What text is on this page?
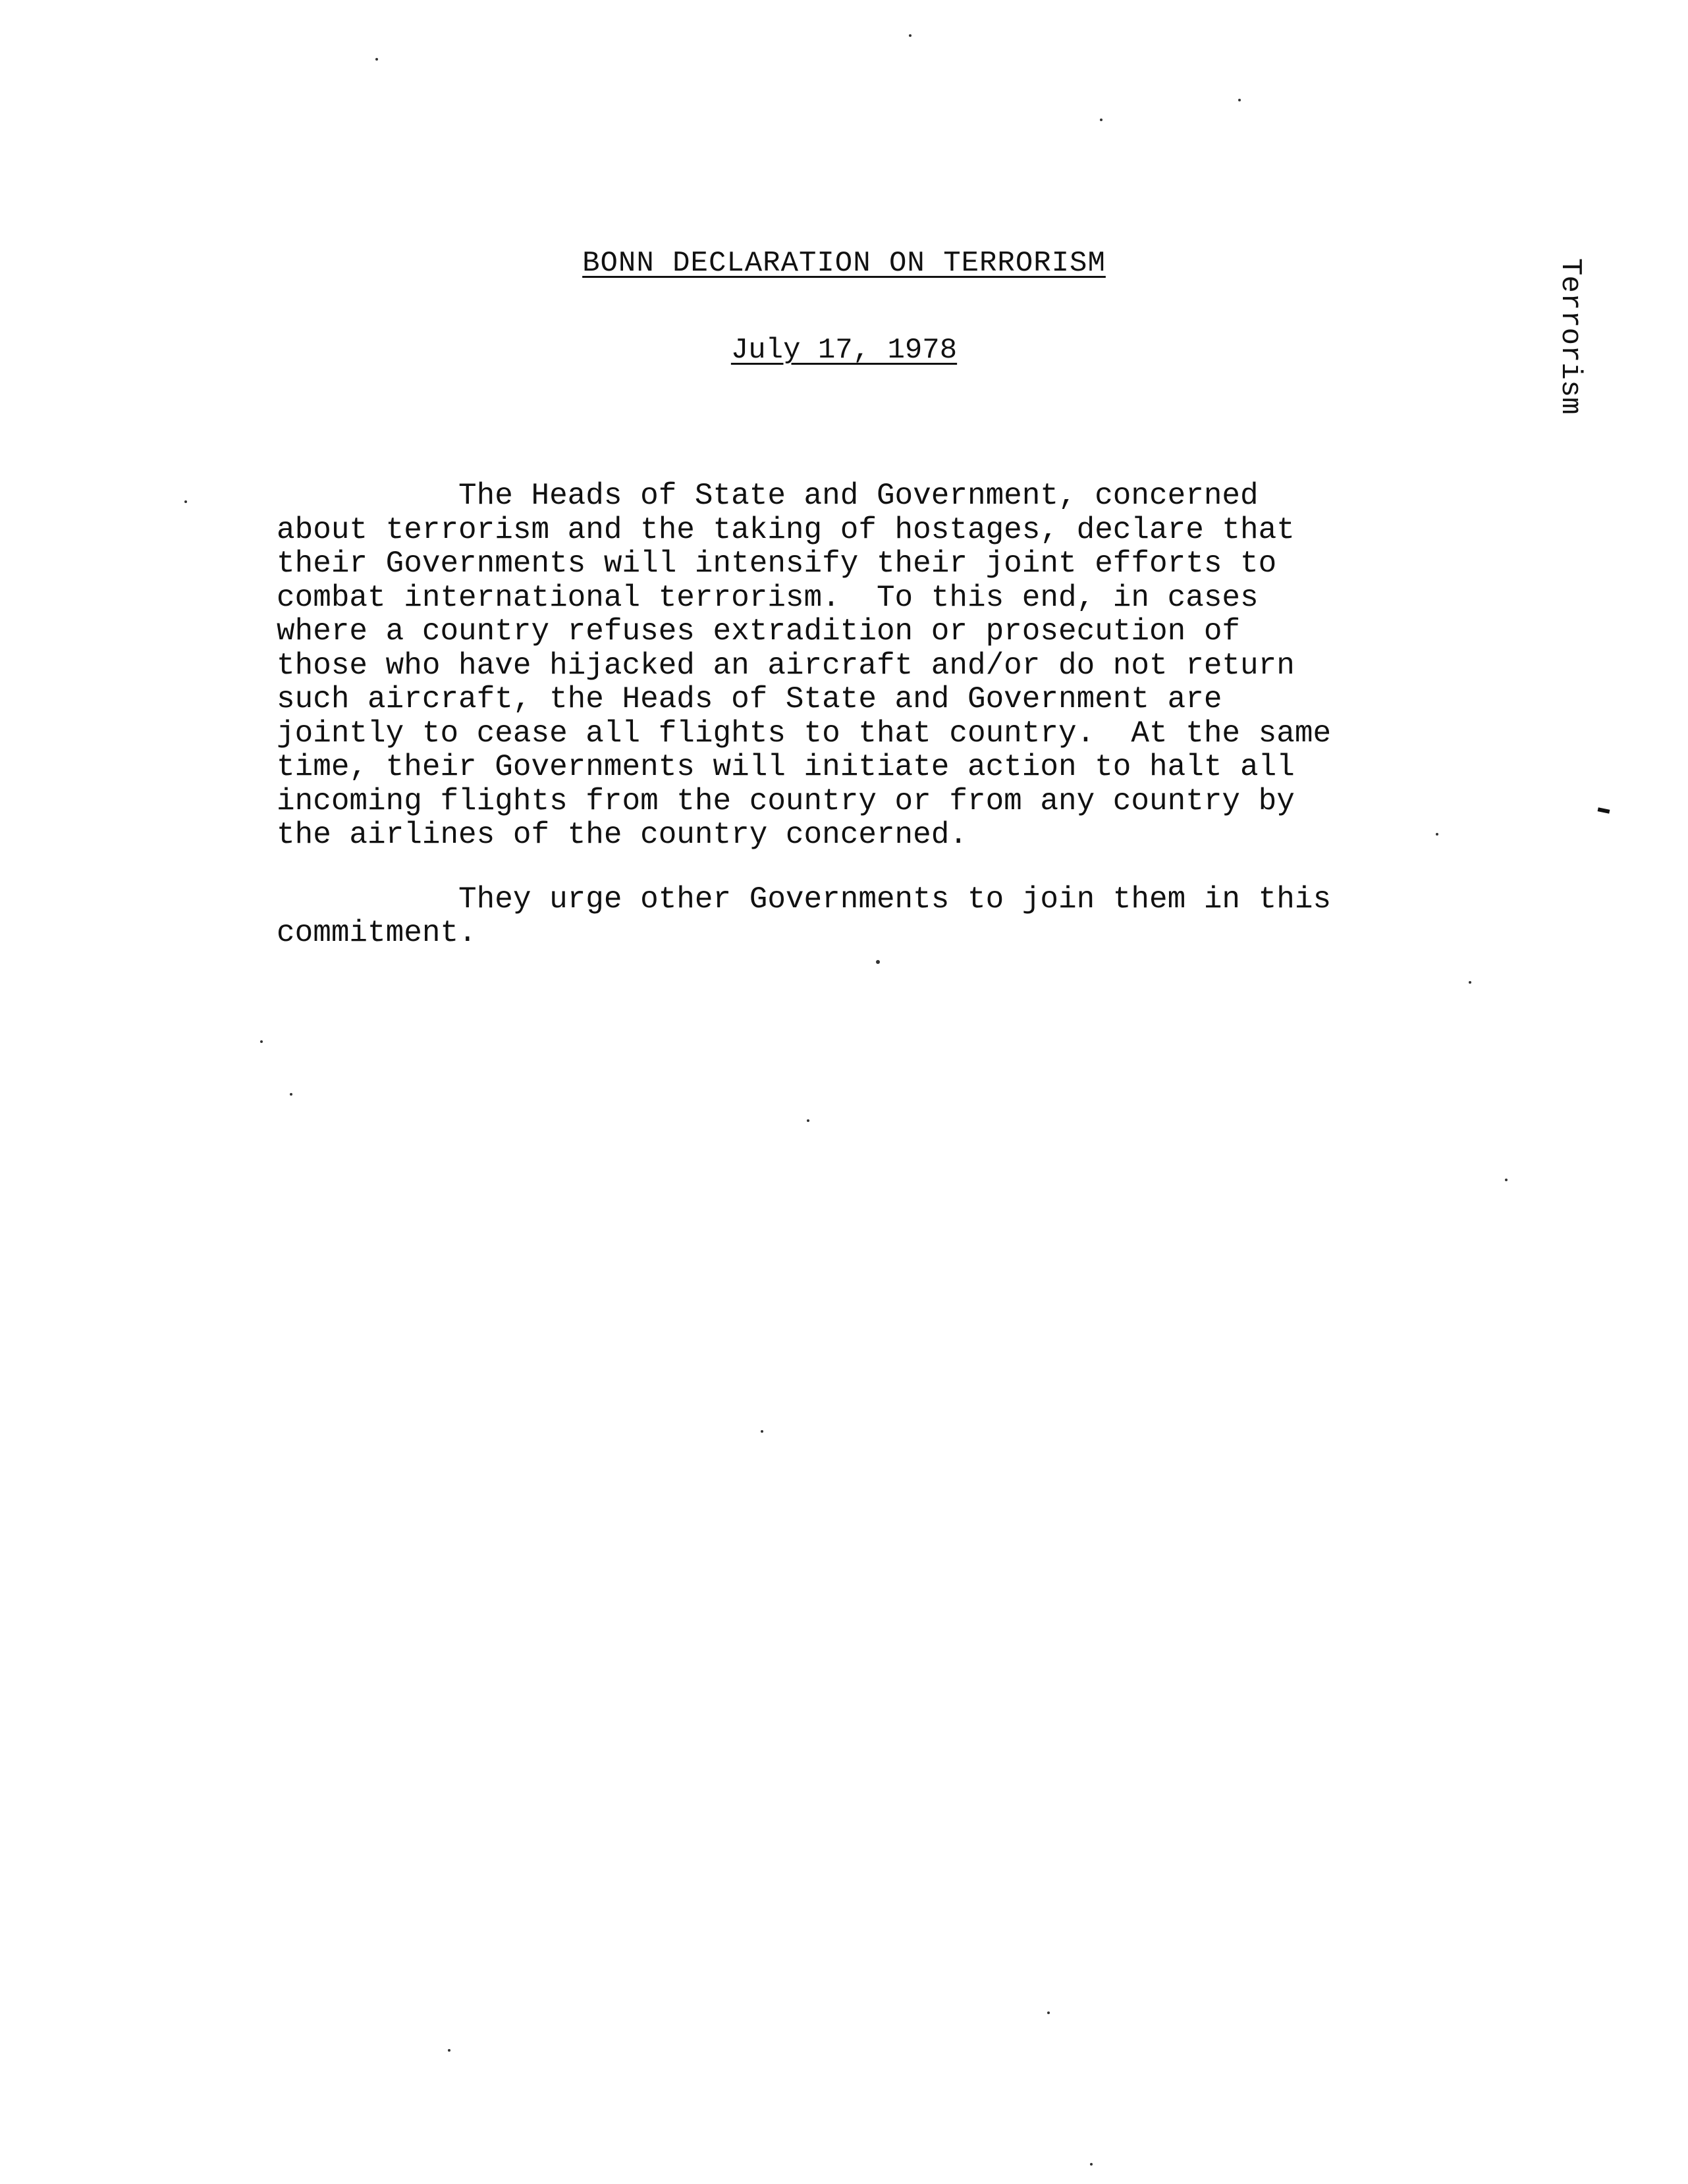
BONN DECLARATION ON TERRORISM
July 17, 1978	Terrorism

The Heads of State and Government, concerned
about terrorism and the taking of hostages, declare that
their Governments will intensify their joint efforts to
combat international terrorism.  To this end, in cases
where a country refuses extradition or prosecution of
those who have hijacked an aircraft and/or do not return
such aircraft, the Heads of State and Government are
jointly to cease all flights to that country.  At the same
time, their Governments will initiate action to halt all
incoming flights from the country or from any country by
the airlines of the country concerned.

They urge other Governments to join them in this
commitment.
